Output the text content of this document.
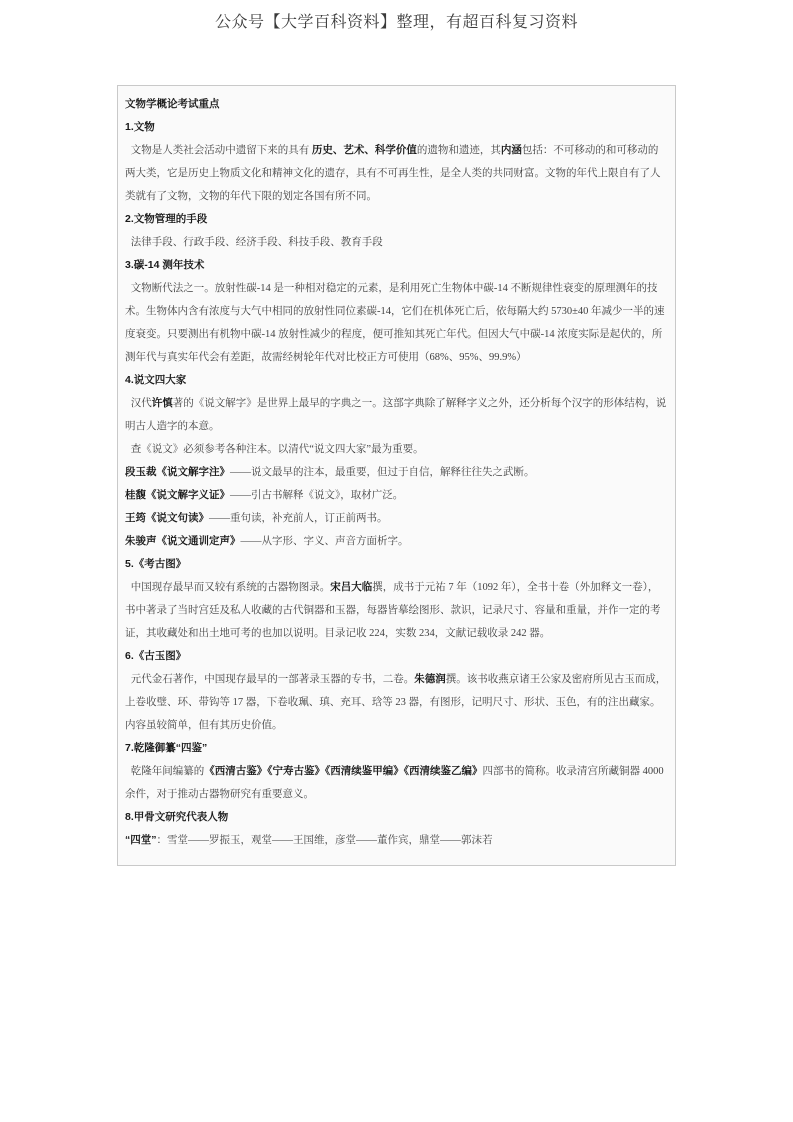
公众号【大学百科资料】整理，有超百科复习资料
文物学概论考试重点
1.文物

文物是人类社会活动中遗留下来的具有 历史、艺术、科学价值的遗物和遗迹，其内涵包括：不可移动的和可移动的两大类，它是历史上物质文化和精神文化的遗存，具有不可再生性，是全人类的共同财富。文物的年代上限自有了人类就有了文物，文物的年代下限的划定各国有所不同。

2.文物管理的手段

法律手段、行政手段、经济手段、科技手段、教育手段

3.碳-14 测年技术

文物断代法之一。放射性碳-14 是一种相对稳定的元素，是利用死亡生物体中碳-14 不断规律性衰变的原理测年的技术。生物体内含有浓度与大气中相同的放射性同位素碳-14，它们在机体死亡后，依每隔大约 5730±40 年减少一半的速度衰变。只要测出有机物中碳-14 放射性减少的程度，便可推知其死亡年代。但因大气中碳-14 浓度实际是起伏的，所测年代与真实年代会有差距，故需经树轮年代对比校正方可使用（68%、95%、99.9%）

4.说文四大家

汉代许慎著的《说文解字》是世界上最早的字典之一。这部字典除了解释字义之外，还分析每个汉字的形体结构，说明古人造字的本意。

查《说文》必须参考各种注本。以清代“说文四大家”最为重要。

段玉裁《说文解字注》——说文最早的注本，最重要，但过于自信，解释往往失之武断。

桂馥《说文解字义证》——引古书解释《说文》，取材广泛。

王筠《说文句读》——重句读，补充前人，订正前两书。

朱骏声《说文通训定声》——从字形、字义、声音方面析字。

5.《考古图》

中国现存最早而又较有系统的古器物图录。宋吕大临撰，成书于元祐 7 年（1092 年），全书十卷（外加释文一卷），书中著录了当时宫廷及私人收藏的古代铜器和玉器，每器皆摹绘图形、款识，记录尺寸、容量和重量，并作一定的考证，其收藏处和出土地可考的也加以说明。目录记收 224，实数 234，文献记载收录 242 器。

6.《古玉图》

元代金石著作，中国现存最早的一部著录玉器的专书，二卷。朱德润撰。该书收燕京诸王公家及密府所见古玉而成，上卷收璧、环、带钩等 17 器，下卷收珮、瑱、充耳、琀等 23 器，有图形，记明尺寸、形状、玉色，有的注出藏家。内容虽较简单，但有其历史价值。

7.乾隆御纂“四鉴”

乾隆年间编纂的《西清古鉴》《宁寿古鉴》《西清续鉴甲编》《西清续鉴乙编》四部书的简称。收录清宫所藏铜器 4000 余件，对于推动古器物研究有重要意义。

8.甲骨文研究代表人物

“四堂”：雪堂——罗振玉，观堂——王国维，彦堂——董作宾，鼎堂——郭沫若
